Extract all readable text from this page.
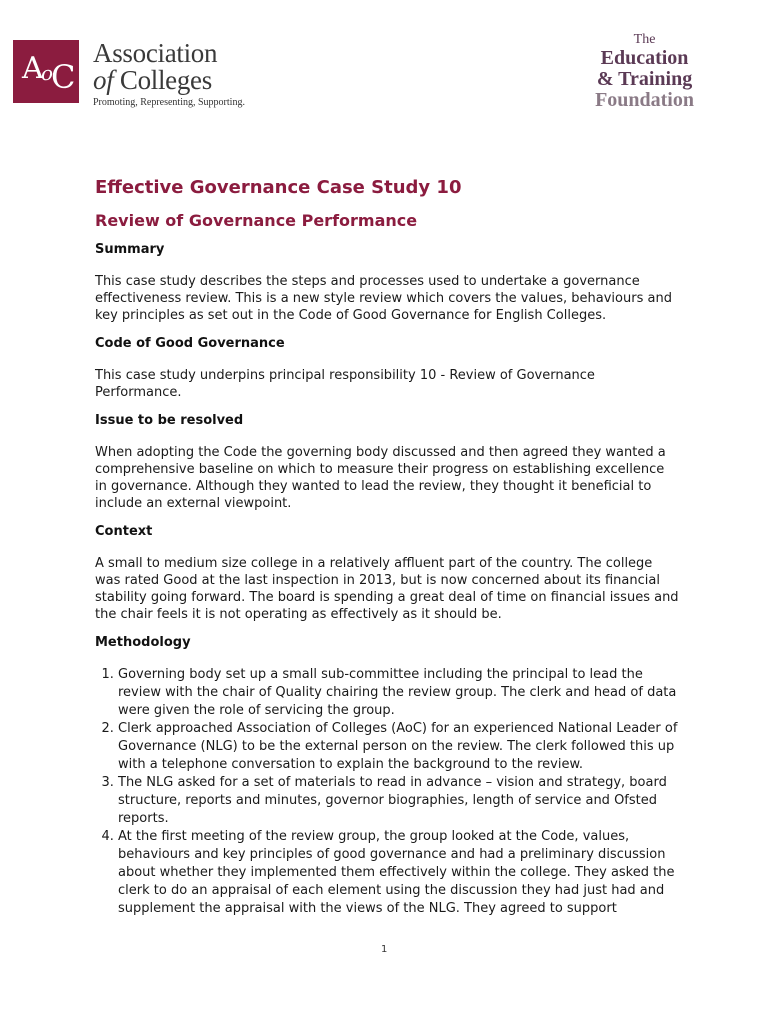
A
o
C
Association
of Colleges
Promoting, Representing, Supporting.
The
Education
& Training
Foundation
Effective Governance Case Study 10
Review of Governance Performance
Summary

This case study describes the steps and processes used to undertake a governance effectiveness review. This is a new style review which covers the values, behaviours and key principles as set out in the Code of Good Governance for English Colleges.

Code of Good Governance

This case study underpins principal responsibility 10 - Review of Governance Performance.

Issue to be resolved

When adopting the Code the governing body discussed and then agreed they wanted a comprehensive baseline on which to measure their progress on establishing excellence in governance. Although they wanted to lead the review, they thought it beneficial to include an external viewpoint.

Context

A small to medium size college in a relatively affluent part of the country. The college was rated Good at the last inspection in 2013, but is now concerned about its financial stability going forward. The board is spending a great deal of time on financial issues and the chair feels it is not operating as effectively as it should be.

Methodology
1. Governing body set up a small sub-committee including the principal to lead the review with the chair of Quality chairing the review group. The clerk and head of data were given the role of servicing the group.
2. Clerk approached Association of Colleges (AoC) for an experienced National Leader of Governance (NLG) to be the external person on the review. The clerk followed this up with a telephone conversation to explain the background to the review.
3. The NLG asked for a set of materials to read in advance – vision and strategy, board structure, reports and minutes, governor biographies, length of service and Ofsted reports.
4. At the first meeting of the review group, the group looked at the Code, values, behaviours and key principles of good governance and had a preliminary discussion about whether they implemented them effectively within the college. They asked the clerk to do an appraisal of each element using the discussion they had just had and supplement the appraisal with the views of the NLG. They agreed to support
1
